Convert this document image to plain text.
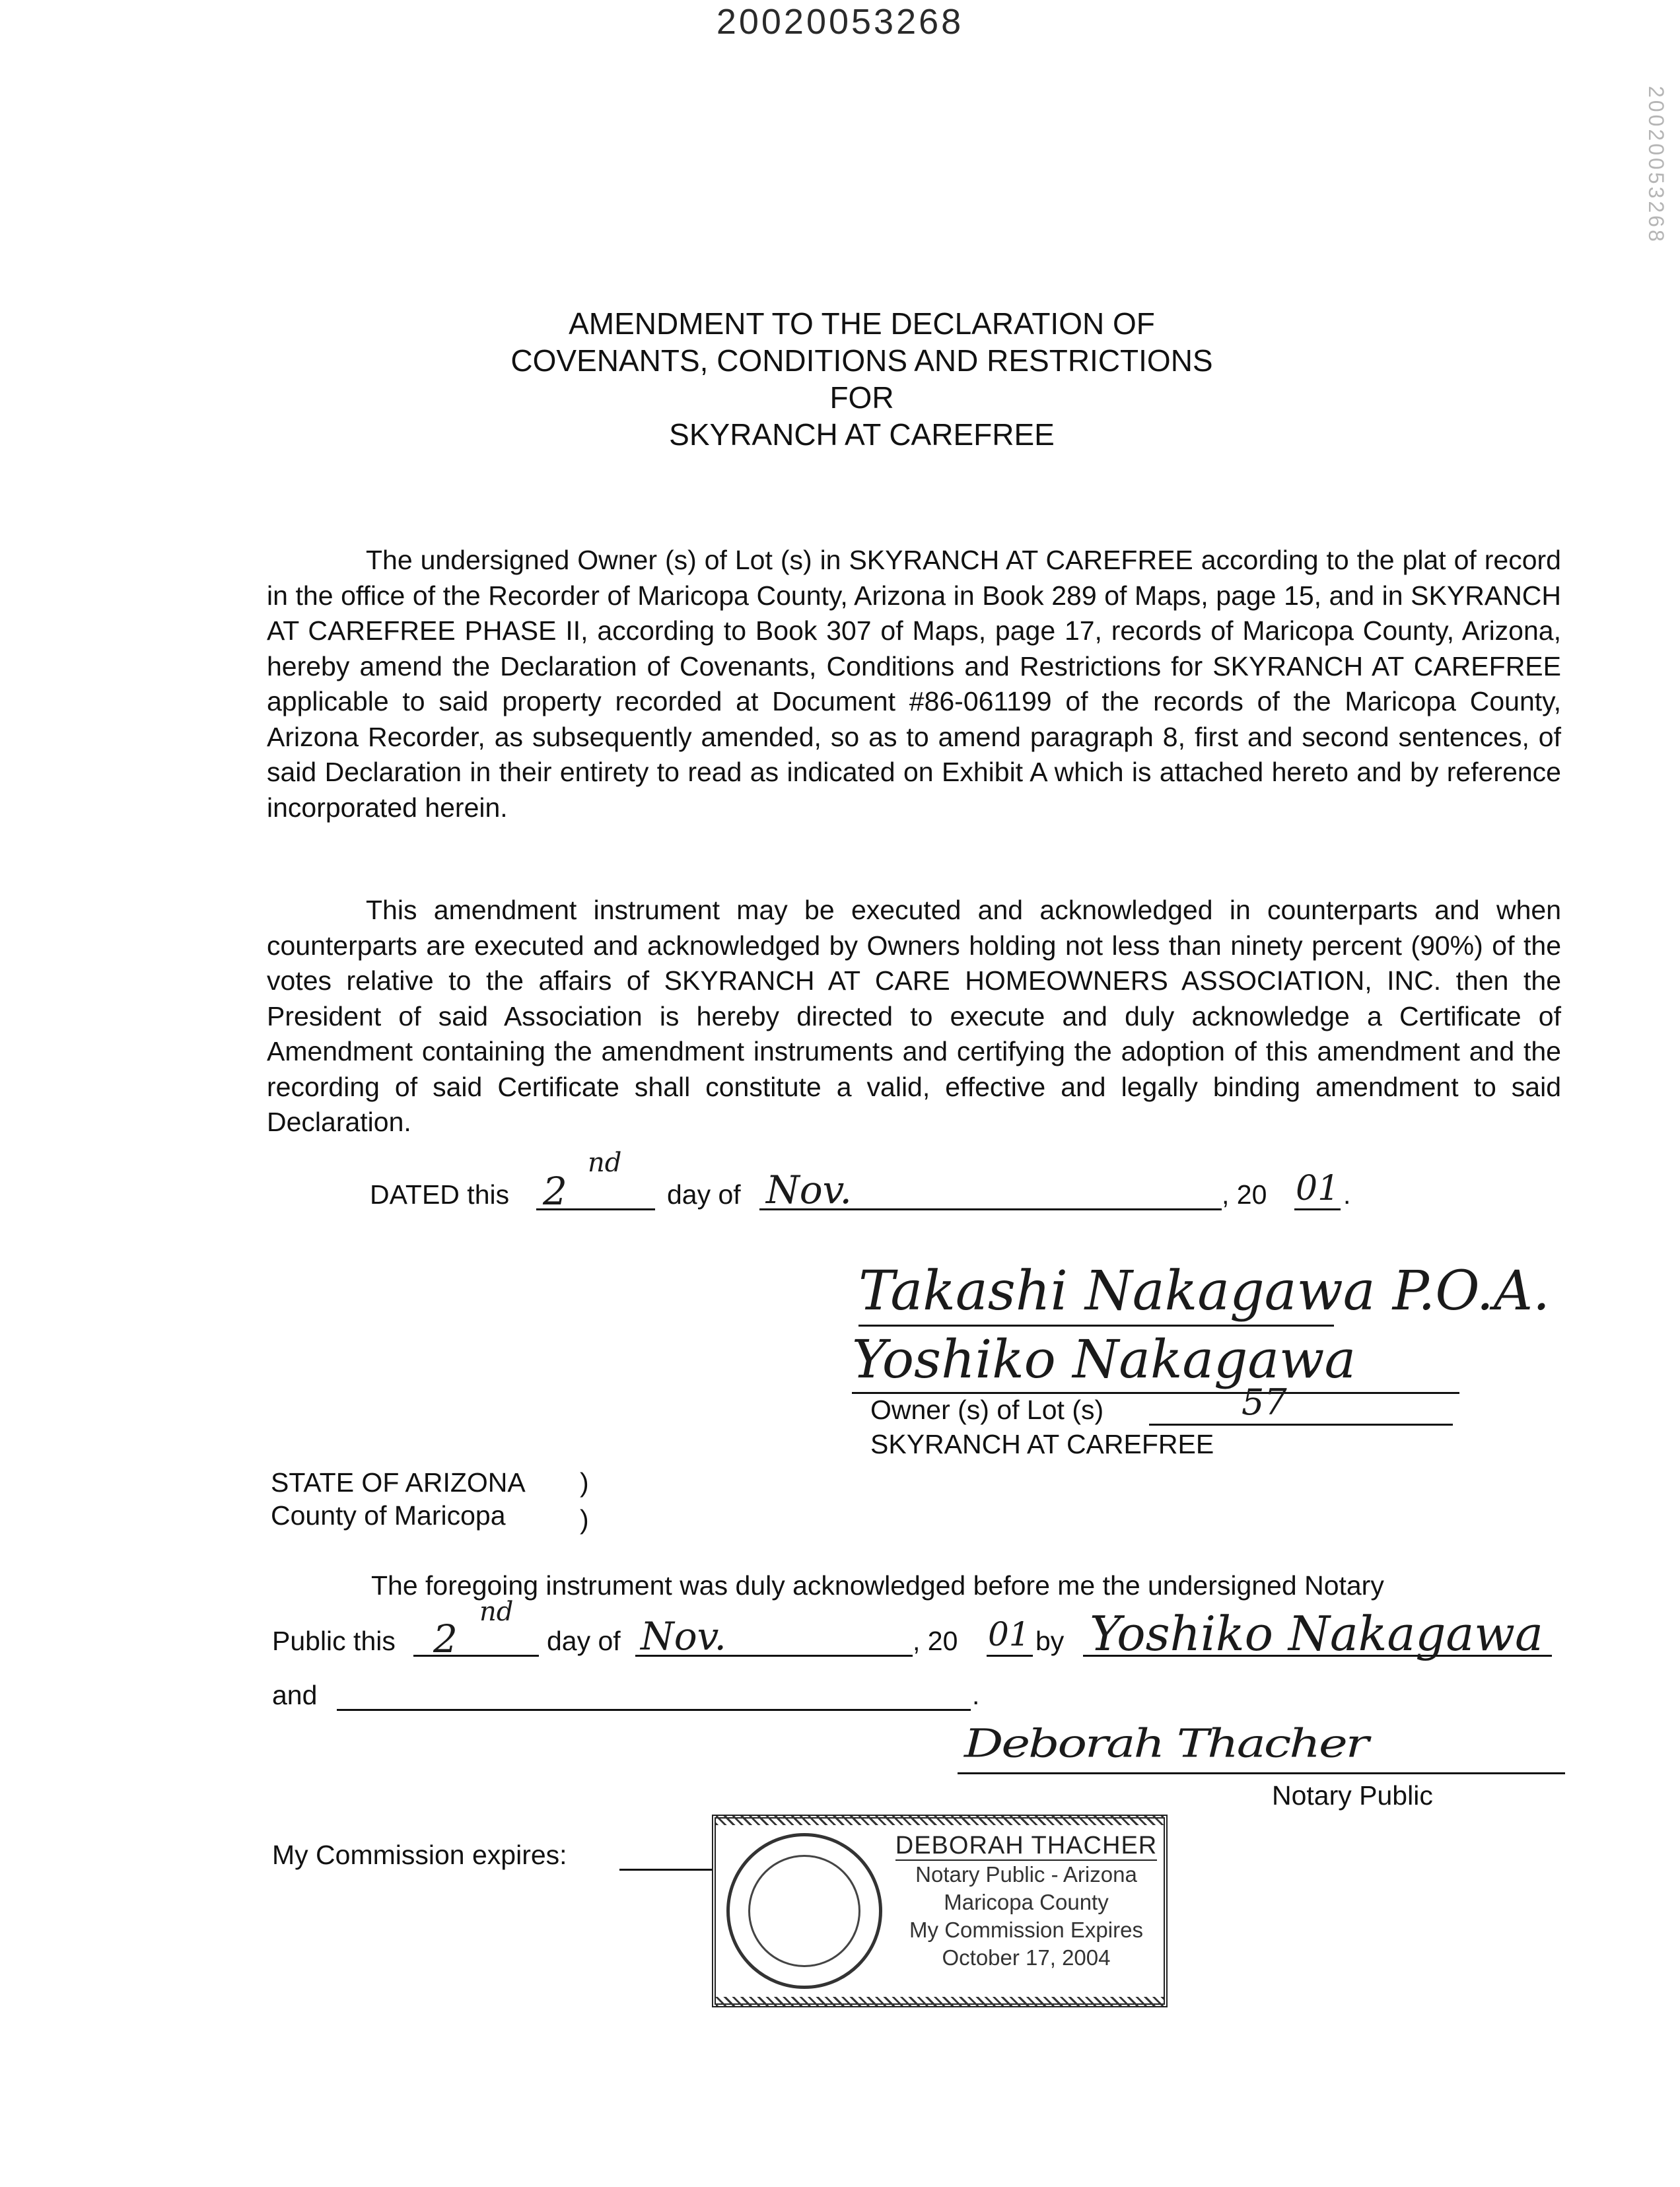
20020053268
20020053268
AMENDMENT TO THE DECLARATION OF
COVENANTS, CONDITIONS AND RESTRICTIONS
FOR
SKYRANCH AT CAREFREE

The undersigned Owner (s) of Lot (s) in SKYRANCH AT CAREFREE according to the plat of record in the office of the Recorder of Maricopa County, Arizona in Book 289 of Maps, page 15, and in SKYRANCH AT CAREFREE PHASE II, according to Book 307 of Maps, page 17, records of Maricopa County, Arizona, hereby amend the Declaration of Covenants, Conditions and Restrictions for SKYRANCH AT CAREFREE applicable to said property recorded at Document #86-061199 of the records of the Maricopa County, Arizona Recorder, as subsequently amended, so as to amend paragraph 8, first and second sentences, of said Declaration in their entirety to read as indicated on Exhibit A which is attached hereto and by reference incorporated herein.

This amendment instrument may be executed and acknowledged in counterparts and when counterparts are executed and acknowledged by Owners holding not less than ninety percent (90%) of the votes relative to the affairs of SKYRANCH AT CARE HOMEOWNERS ASSOCIATION, INC. then the President of said Association is hereby directed to execute and duly acknowledge a Certificate of Amendment containing the amendment instruments and certifying the adoption of this amendment and the recording of said Certificate shall constitute a valid, effective and legally binding amendment to said Declaration.

DATED this 2
nd
day of Nov.	, 20 01 .
Takashi Nakagawa P.O.A.
Yoshiko Nakagawa
Owner (s) of Lot (s)	57
SKYRANCH AT CAREFREE
STATE OF ARIZONA )
County of Maricopa	)
The foregoing instrument was duly acknowledged before me the undersigned Notary
Public this 2
nd
day of Nov.	, 20 01 by Yoshiko Nakagawa
and	.
Deborah Thacher
Notary Public
My Commission expires:	DEBORAH THACHER
Notary Public - Arizona
Maricopa County
My Commission Expires
October 17, 2004
